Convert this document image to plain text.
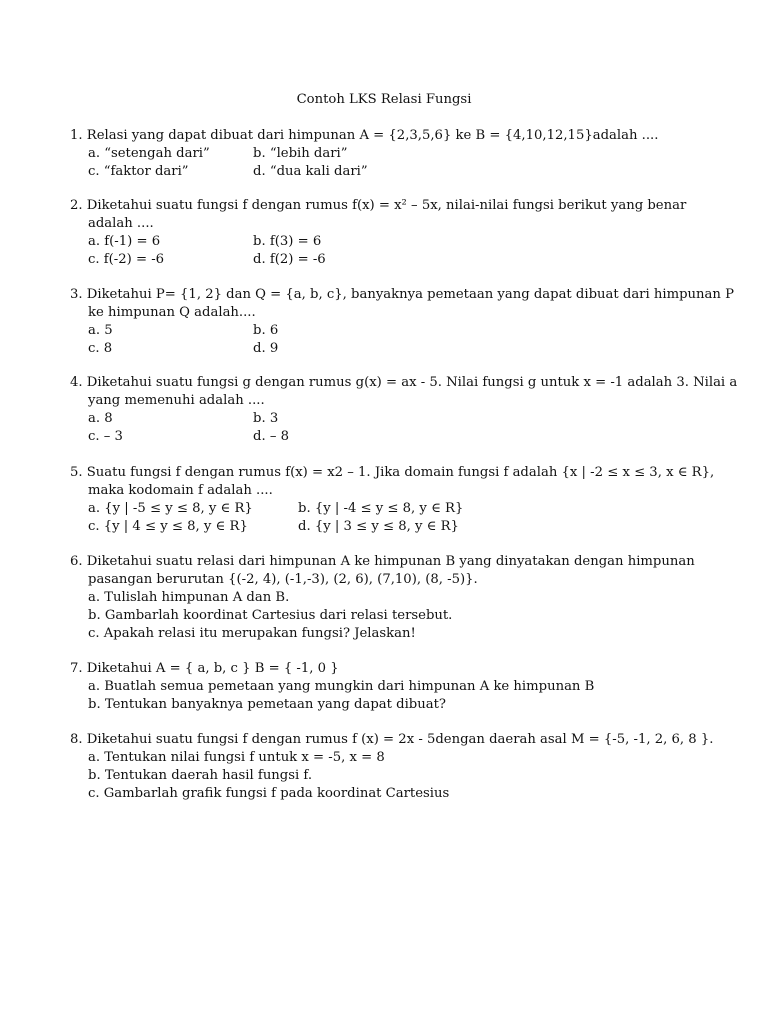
Contoh LKS Relasi Fungsi
1. Relasi yang dapat dibuat dari himpunan A = {2,3,5,6} ke B = {4,10,12,15}adalah ....
a. “setengah dari”	b. “lebih dari”
c. “faktor dari”	d. “dua kali dari”
2. Diketahui suatu fungsi f dengan rumus f(x) = x² – 5x, nilai-nilai fungsi berikut yang benar
adalah ....
a. f(-1) = 6	b. f(3) = 6
c. f(-2) = -6	d. f(2) = -6
3. Diketahui P= {1, 2} dan Q = {a, b, c}, banyaknya pemetaan yang dapat dibuat dari himpunan P
ke himpunan Q adalah....
a. 5	b. 6
c. 8	d. 9
4. Diketahui suatu fungsi g dengan rumus g(x) = ax - 5. Nilai fungsi g untuk x = -1 adalah 3. Nilai a
yang memenuhi adalah ....
a. 8	b. 3
c. – 3	d. – 8
5. Suatu fungsi f dengan rumus f(x) = x2 – 1. Jika domain fungsi f adalah {x | -2 ≤ x ≤ 3, x ∈ R},
maka kodomain f adalah ....
a. {y | -5 ≤ y ≤ 8, y ∈ R}	b. {y | -4 ≤ y ≤ 8, y ∈ R}
c. {y | 4 ≤ y ≤ 8, y ∈ R}	d. {y | 3 ≤ y ≤ 8, y ∈ R}
6. Diketahui suatu relasi dari himpunan A ke himpunan B yang dinyatakan dengan himpunan
pasangan berurutan {(-2, 4), (-1,-3), (2, 6), (7,10), (8, -5)}.
a. Tulislah himpunan A dan B.
b. Gambarlah koordinat Cartesius dari relasi tersebut.
c. Apakah relasi itu merupakan fungsi? Jelaskan!
7. Diketahui A = { a, b, c } B = { -1, 0 }
a. Buatlah semua pemetaan yang mungkin dari himpunan A ke himpunan B
b. Tentukan banyaknya pemetaan yang dapat dibuat?
8. Diketahui suatu fungsi f dengan rumus f (x) = 2x - 5dengan daerah asal M = {-5, -1, 2, 6, 8 }.
a. Tentukan nilai fungsi f untuk x = -5, x = 8
b. Tentukan daerah hasil fungsi f.
c. Gambarlah grafik fungsi f pada koordinat Cartesius
